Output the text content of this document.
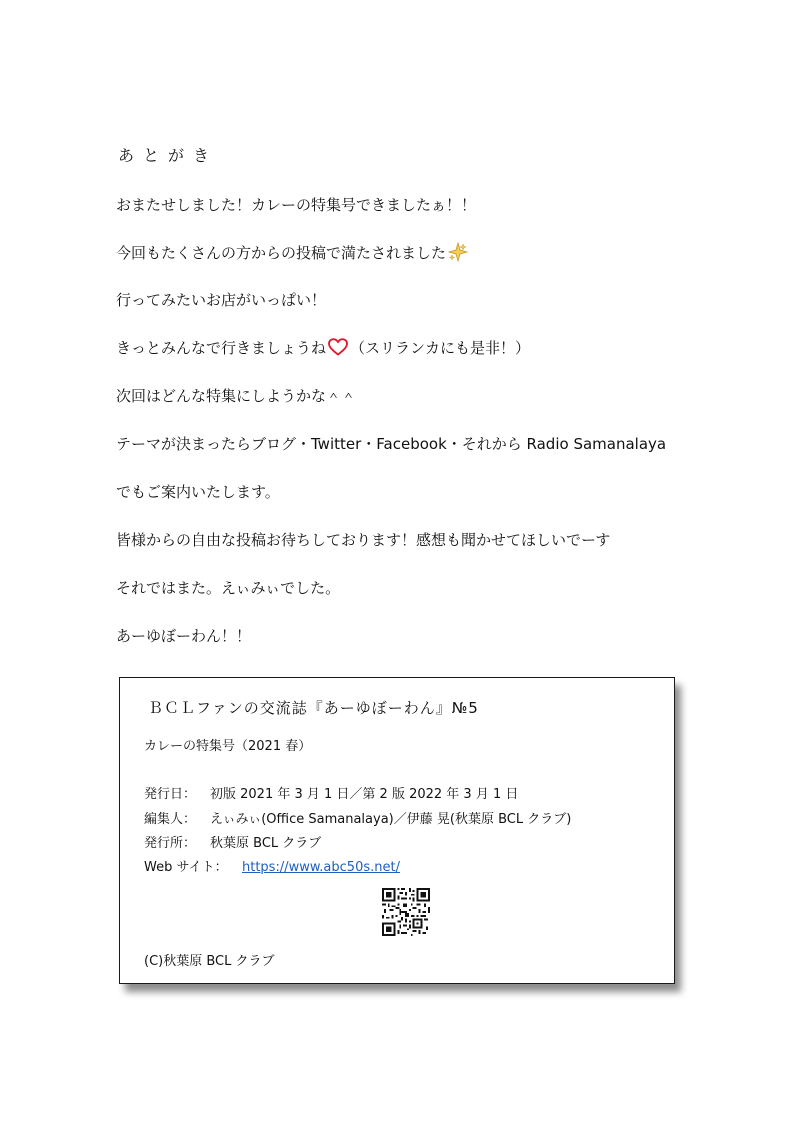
あとがき
おまたせしました！カレーの特集号できましたぁ！！
今回もたくさんの方からの投稿で満たされました
行ってみたいお店がいっぱい！
きっとみんなで行きましょうね （スリランカにも是非！）
次回はどんな特集にしようかな＾＾
テーマが決まったらブログ・Twitter・Facebook・それから Radio Samanalaya
でもご案内いたします。
皆様からの自由な投稿お待ちしております！感想も聞かせてほしいでーす
それではまた。えぃみぃでした。
あーゆぼーわん！！
ＢＣＬファンの交流誌『あーゆぼーわん』№5
カレーの特集号（2021 春）
発行日： 初版 2021 年 3 月 1 日／第 2 版 2022 年 3 月 1 日
編集人： えぃみぃ(Office Samanalaya)／伊藤 晃(秋葉原 BCL クラブ)
発行所： 秋葉原 BCL クラブ
Web サイト： https://www.abc50s.net/
(C)秋葉原 BCL クラブ
